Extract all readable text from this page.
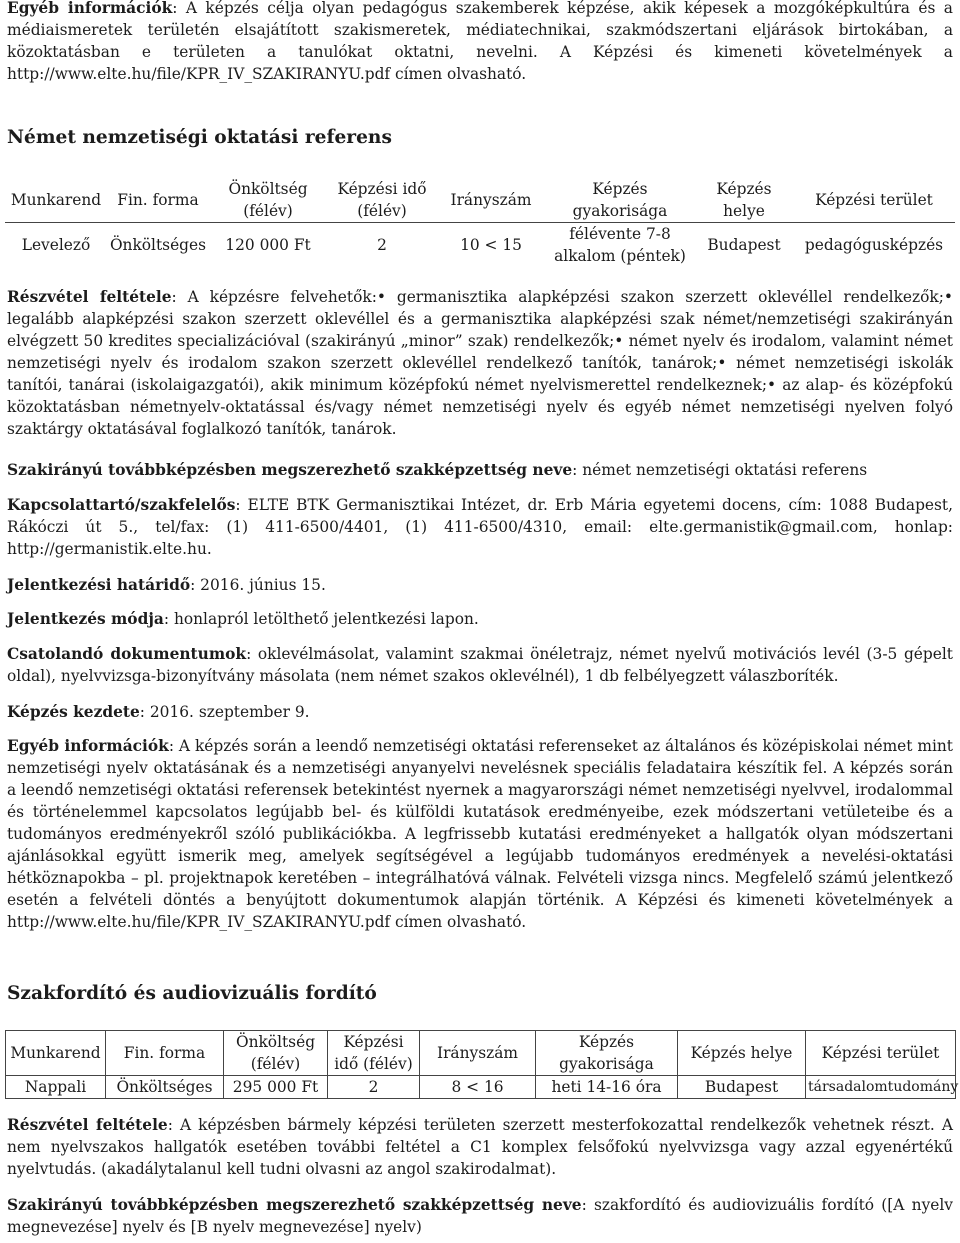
Egyéb információk: A képzés célja olyan pedagógus szakemberek képzése, akik képesek a mozgóképkultúra és a médiaismeretek területén elsajátított szakismeretek, médiatechnikai, szakmódszertani eljárások birtokában, a közoktatásban e területen a tanulókat oktatni, nevelni. A Képzési és kimeneti követelmények a http://www.elte.hu/file/KPR_IV_SZAKIRANYU.pdf címen olvasható.

Német nemzetiségi oktatási referens
Munkarend	Fin. forma	Önköltség (félév)	Képzési idő (félév)	Irányszám	Képzés gyakorisága	Képzés helye	Képzési terület
Levelező	Önköltséges	120 000 Ft	2	10 < 15	félévente 7-8 alkalom (péntek)	Budapest	pedagógusképzés

Részvétel feltétele: A képzésre felvehetők:• germanisztika alapképzési szakon szerzett oklevéllel rendelkezők;• legalább alapképzési szakon szerzett oklevéllel és a germanisztika alapképzési szak német/nemzetiségi szakirányán elvégzett 50 kredites specializációval (szakirányú „minor” szak) rendelkezők;• német nyelv és irodalom, valamint német nemzetiségi nyelv és irodalom szakon szerzett oklevéllel rendelkező tanítók, tanárok;• német nemzetiségi iskolák tanítói, tanárai (iskolaigazgatói), akik minimum középfokú német nyelvismerettel rendelkeznek;• az alap- és középfokú közoktatásban németnyelv-oktatással és/vagy német nemzetiségi nyelv és egyéb német nemzetiségi nyelven folyó szaktárgy oktatásával foglalkozó tanítók, tanárok.

Szakirányú továbbképzésben megszerezhető szakképzettség neve: német nemzetiségi oktatási referens

Kapcsolattartó/szakfelelős: ELTE BTK Germanisztikai Intézet, dr. Erb Mária egyetemi docens, cím: 1088 Budapest, Rákóczi út 5., tel/fax: (1) 411-6500/4401, (1) 411-6500/4310, email: elte.germanistik@gmail.com, honlap: http://germanistik.elte.hu.

Jelentkezési határidő: 2016. június 15.

Jelentkezés módja: honlapról letölthető jelentkezési lapon.

Csatolandó dokumentumok: oklevélmásolat, valamint szakmai önéletrajz, német nyelvű motivációs levél (3-5 gépelt oldal), nyelvvizsga-bizonyítvány másolata (nem német szakos oklevélnél), 1 db felbélyegzett válaszboríték.

Képzés kezdete: 2016. szeptember 9.

Egyéb információk: A képzés során a leendő nemzetiségi oktatási referenseket az általános és középiskolai német mint nemzetiségi nyelv oktatásának és a nemzetiségi anyanyelvi nevelésnek speciális feladataira készítik fel. A képzés során a leendő nemzetiségi oktatási referensek betekintést nyernek a magyarországi német nemzetiségi nyelvvel, irodalommal és történelemmel kapcsolatos legújabb bel- és külföldi kutatások eredményeibe, ezek módszertani vetületeibe és a tudományos eredményekről szóló publikációkba. A legfrissebb kutatási eredményeket a hallgatók olyan módszertani ajánlásokkal együtt ismerik meg, amelyek segítségével a legújabb tudományos eredmények a nevelési-oktatási hétköznapokba – pl. projektnapok keretében – integrálhatóvá válnak. Felvételi vizsga nincs. Megfelelő számú jelentkező esetén a felvételi döntés a benyújtott dokumentumok alapján történik. A Képzési és kimeneti követelmények a http://www.elte.hu/file/KPR_IV_SZAKIRANYU.pdf címen olvasható.

Szakfordító és audiovizuális fordító
Munkarend	Fin. forma	Önköltség (félév)	Képzési idő (félév)	Irányszám	Képzés gyakorisága	Képzés helye	Képzési terület
Nappali	Önköltséges	295 000 Ft	2	8 < 16	heti 14-16 óra	Budapest	társadalomtudomány

Részvétel feltétele: A képzésben bármely képzési területen szerzett mesterfokozattal rendelkezők vehetnek részt. A nem nyelvszakos hallgatók esetében további feltétel a C1 komplex felsőfokú nyelvvizsga vagy azzal egyenértékű nyelvtudás. (akadálytalanul kell tudni olvasni az angol szakirodalmat).

Szakirányú továbbképzésben megszerezhető szakképzettség neve: szakfordító és audiovizuális fordító ([A nyelv megnevezése] nyelv és [B nyelv megnevezése] nyelv)
